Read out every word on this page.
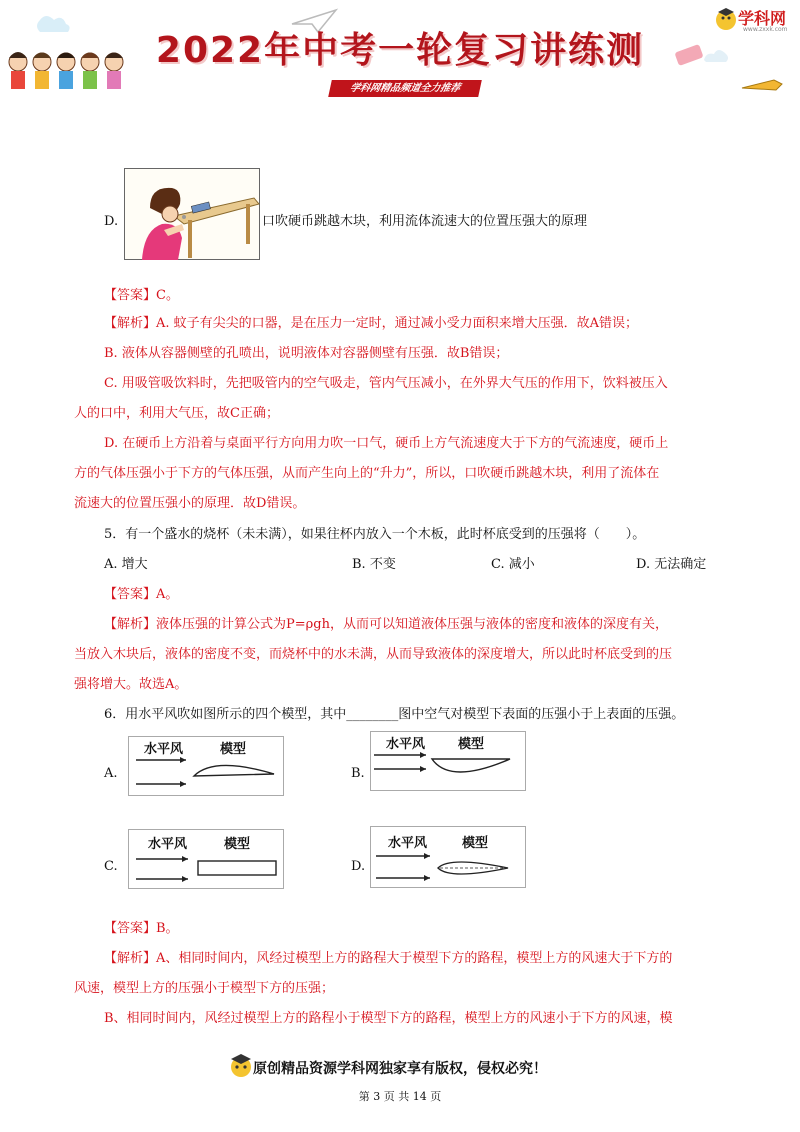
2022年中考一轮复习讲练测
学科网精品频道全力推荐
学科网
www.zxxk.com
D.	口吹硬币跳越木块，利用流体流速大的位置压强大的原理
【答案】C。
【解析】A. 蚊子有尖尖的口器，是在压力一定时，通过减小受力面积来增大压强．故A错误；
B. 液体从容器侧壁的孔喷出，说明液体对容器侧壁有压强．故B错误；
C. 用吸管吸饮料时，先把吸管内的空气吸走，管内气压减小，在外界大气压的作用下，饮料被压入
人的口中，利用大气压，故C正确；
D. 在硬币上方沿着与桌面平行方向用力吹一口气，硬币上方气流速度大于下方的气流速度，硬币上
方的气体压强小于下方的气体压强，从而产生向上的“升力”，所以，口吹硬币跳越木块，利用了流体在
流速大的位置压强小的原理．故D错误。
5．有一个盛水的烧杯（未未满），如果往杯内放入一个木板，此时杯底受到的压强将（　　）。
A. 增大	B. 不变	C. 减小	D. 无法确定
【答案】A。
【解析】液体压强的计算公式为P=ρgh，从而可以知道液体压强与液体的密度和液体的深度有关，
当放入木块后，液体的密度不变，而烧杯中的水未满，从而导致液体的深度增大，所以此时杯底受到的压
强将增大。故选A。
6．用水平风吹如图所示的四个模型，其中________图中空气对模型下表面的压强小于上表面的压强。
A.
水平风	模型
B.
水平风	模型
C.
水平风	模型
D.
水平风	模型
【答案】B。
【解析】A、相同时间内，风经过模型上方的路程大于模型下方的路程，模型上方的风速大于下方的
风速，模型上方的压强小于模型下方的压强；
B、相同时间内，风经过模型上方的路程小于模型下方的路程，模型上方的风速小于下方的风速，模
原创精品资源学科网独家享有版权，侵权必究！
第 3 页 共 14 页
